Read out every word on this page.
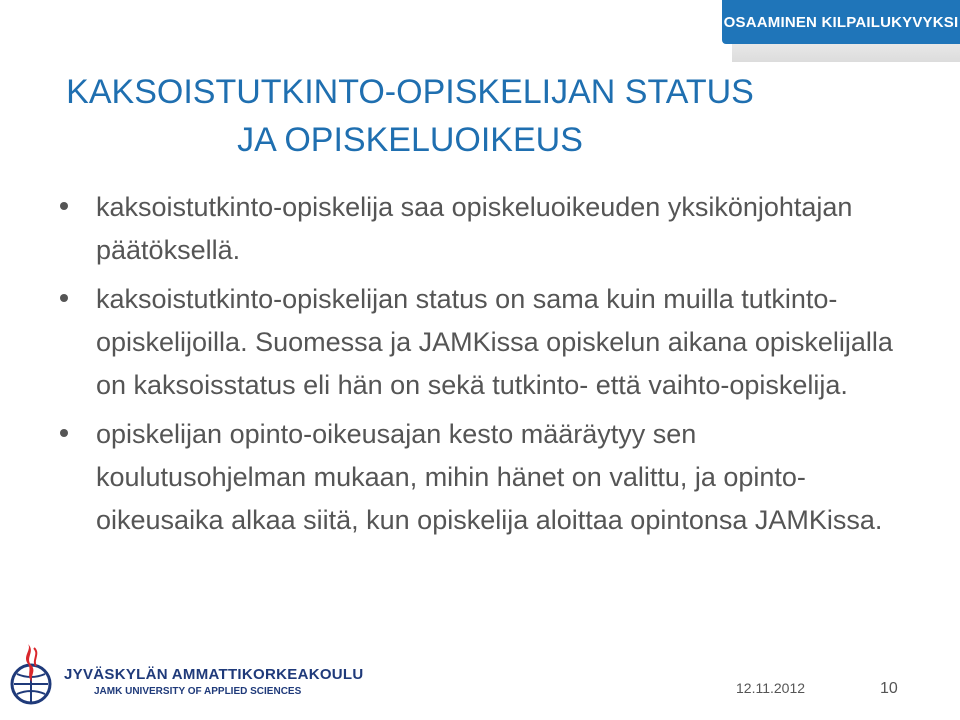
OSAAMINEN KILPAILUKYVYKSI
KAKSOISTUTKINTO-OPISKELIJAN STATUS
JA OPISKELUOIKEUS
kaksoistutkinto-opiskelija saa opiskeluoikeuden yksikönjohtajan päätöksellä.
kaksoistutkinto-opiskelijan status on sama kuin muilla tutkinto-opiskelijoilla. Suomessa ja JAMKissa opiskelun aikana opiskelijalla on kaksoisstatus eli hän on sekä tutkinto- että vaihto-opiskelija.
opiskelijan opinto-oikeusajan kesto määräytyy sen koulutusohjelman mukaan, mihin hänet on valittu, ja opinto-oikeusaika alkaa siitä, kun opiskelija aloittaa opintonsa JAMKissa.
JYVÄSKYLÄN AMMATTIKORKEAKOULU
JAMK UNIVERSITY OF APPLIED SCIENCES	12.11.2012	10
